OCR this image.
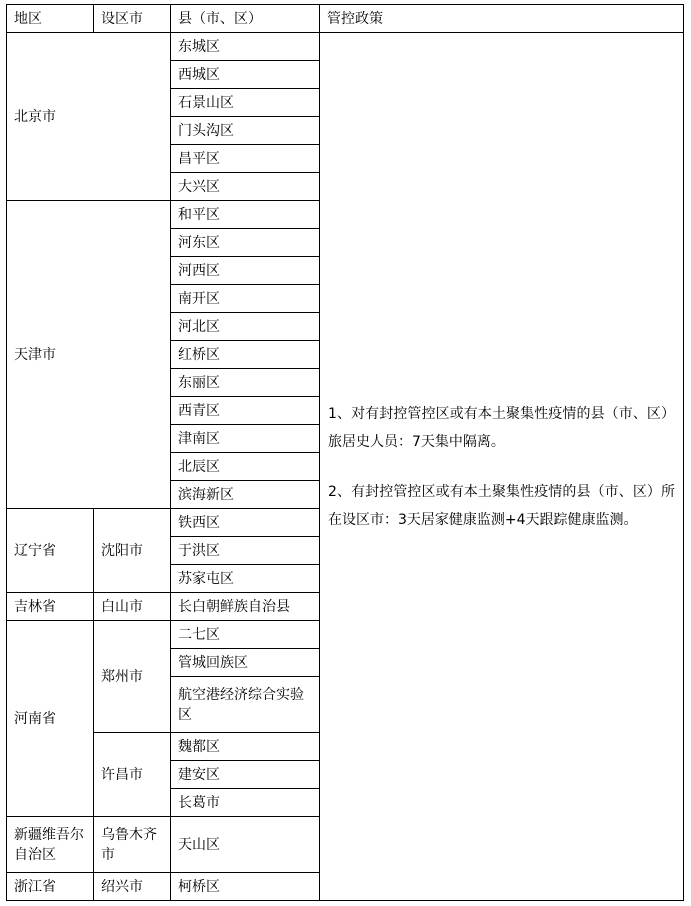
地区	设区市	县（市、区）	管控政策
北京市		东城区	1、对有封控管控区或有本土聚集性疫情的县（市、区）旅居史人员：7天集中隔离。

2、有封控管控区或有本土聚集性疫情的县（市、区）所在设区市：3天居家健康监测+4天跟踪健康监测。

		西城区	
		石景山区	
		门头沟区	
		昌平区	
		大兴区	
天津市		和平区	
		河东区	
		河西区	
		南开区	
		河北区	
		红桥区	
		东丽区	
		西青区	
		津南区	
		北辰区	
		滨海新区	
辽宁省	沈阳市	铁西区	
		于洪区	
		苏家屯区	
吉林省	白山市	长白朝鲜族自治县	
河南省	郑州市	二七区	
		管城回族区	
		航空港经济综合实验区	
	许昌市	魏都区	
		建安区	
		长葛市	
新疆维吾尔自治区	乌鲁木齐市	天山区	
浙江省	绍兴市	柯桥区	
